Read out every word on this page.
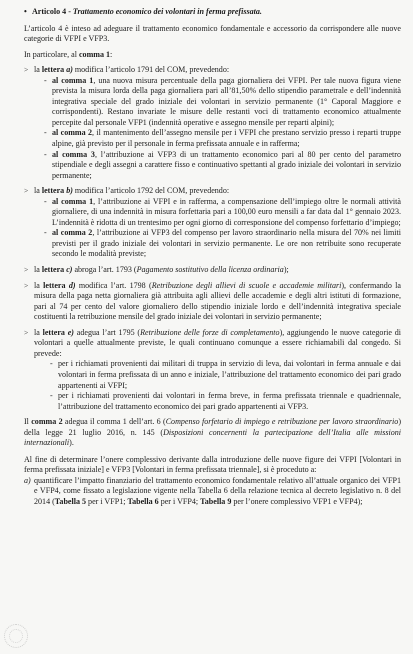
• Articolo 4 - Trattamento economico dei volontari in ferma prefissata.

L’articolo 4 è inteso ad adeguare il trattamento economico fondamentale e accessorio da corrispondere alle nuove categorie di VFPI e VFP3.

In particolare, al comma 1:

> la lettera a) modifica l’articolo 1791 del COM, prevedendo:

- al comma 1, una nuova misura percentuale della paga giornaliera dei VFPI. Per tale nuova figura viene prevista la misura lorda della paga giornaliera pari all’81,50% dello stipendio parametrale e dell’indennità integrativa speciale del grado iniziale dei volontari in servizio permanente (1° Caporal Maggiore e corrispondenti). Restano invariate le misure delle restanti voci di trattamento economico attualmente percepite dal personale VFP1 (indennità operative e assegno mensile per reparti alpini);

- al comma 2, il mantenimento dell’assegno mensile per i VFPI che prestano servizio presso i reparti truppe alpine, già previsto per il personale in ferma prefissata annuale e in rafferma;

- al comma 3, l’attribuzione ai VFP3 di un trattamento economico pari al 80 per cento del parametro stipendiale e degli assegni a carattere fisso e continuativo spettanti al grado iniziale dei volontari in servizio permanente;

> la lettera b) modifica l’articolo 1792 del COM, prevedendo:

- al comma 1, l’attribuzione ai VFPI e in rafferma, a compensazione dell’impiego oltre le normali attività giornaliere, di una indennità in misura forfettaria pari a 100,00 euro mensili a far data dal 1° gennaio 2023. L’indennità è ridotta di un trentesimo per ogni giorno di corresponsione del compenso forfettario d’impiego;

- al comma 2, l’attribuzione ai VFP3 del compenso per lavoro straordinario nella misura del 70% nei limiti previsti per il grado iniziale dei volontari in servizio permanente. Le ore non retribuite sono recuperate secondo le modalità previste;

> la lettera c) abroga l’art. 1793 (Pagamento sostitutivo della licenza ordinaria);

> la lettera d) modifica l’art. 1798 (Retribuzione degli allievi di scuole e accademie militari), confermando la misura della paga netta giornaliera già attribuita agli allievi delle accademie e degli altri istituti di formazione, pari al 74 per cento del valore giornaliero dello stipendio iniziale lordo e dell’indennità integrativa speciale costituenti la retribuzione mensile del grado iniziale dei volontari in servizio permanente;

> la lettera e) adegua l’art 1795 (Retribuzione delle forze di completamento), aggiungendo le nuove categorie di volontari a quelle attualmente previste, le quali continuano comunque a essere richiamabili dal congedo. Si prevede:

- per i richiamati provenienti dai militari di truppa in servizio di leva, dai volontari in ferma annuale e dai volontari in ferma prefissata di un anno e iniziale, l’attribuzione del trattamento economico dei pari grado appartenenti ai VFPI;

- per i richiamati provenienti dai volontari in ferma breve, in ferma prefissata triennale e quadriennale, l’attribuzione del trattamento economico dei pari grado appartenenti ai VFP3.

Il comma 2 adegua il comma 1 dell’art. 6 (Compenso forfetario di impiego e retribuzione per lavoro straordinario) della legge 21 luglio 2016, n. 145 (Disposizioni concernenti la partecipazione dell’Italia alle missioni internazionali).

Al fine di determinare l’onere complessivo derivante dalla introduzione delle nuove figure dei VFPI [Volontari in ferma prefissata iniziale] e VFP3 [Volontari in ferma prefissata triennale], si è proceduto a:

a) quantificare l’impatto finanziario del trattamento economico fondamentale relativo all’attuale organico dei VFP1 e VFP4, come fissato a legislazione vigente nella Tabella 6 della relazione tecnica al decreto legislativo n. 8 del 2014 (Tabella 5 per i VFP1; Tabella 6 per i VFP4; Tabella 9 per l’onere complessivo VFP1 e VFP4);
